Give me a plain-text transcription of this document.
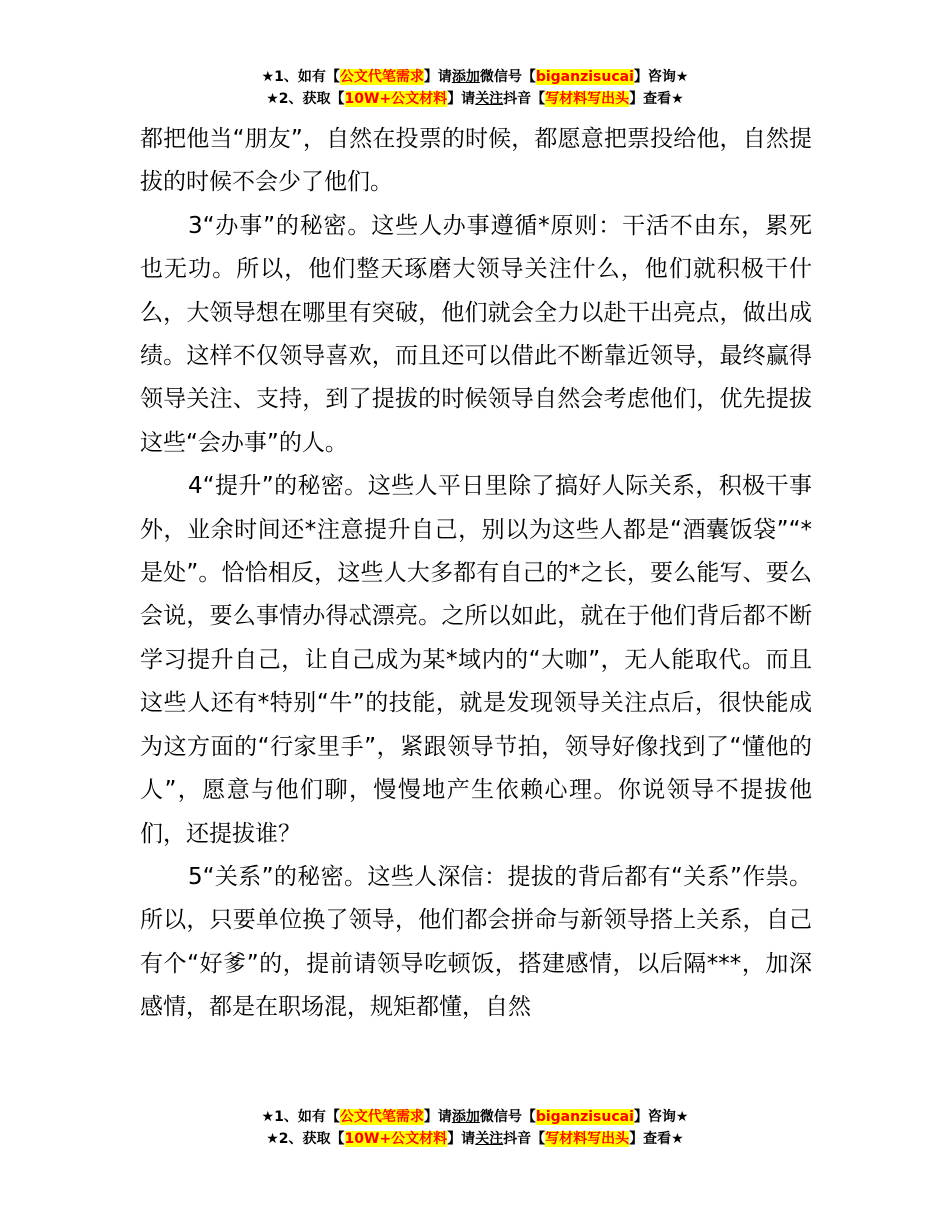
★1、如有【公文代笔需求】请添加微信号【biganzisucai】咨询★
★2、获取【10W+公文材料】请关注抖音【写材料写出头】查看★

都把他当“朋友”，自然在投票的时候，都愿意把票投给他，自然提拔的时候不会少了他们。

3“办事”的秘密。这些人办事遵循*原则：干活不由东，累死也无功。所以，他们整天琢磨大领导关注什么，他们就积极干什么，大领导想在哪里有突破，他们就会全力以赴干出亮点，做出成绩。这样不仅领导喜欢，而且还可以借此不断靠近领导，最终赢得领导关注、支持，到了提拔的时候领导自然会考虑他们，优先提拔这些“会办事”的人。

4“提升”的秘密。这些人平日里除了搞好人际关系，积极干事外，业余时间还*注意提升自己，别以为这些人都是“酒囊饭袋”“*是处”。恰恰相反，这些人大多都有自己的*之长，要么能写、要么会说，要么事情办得忒漂亮。之所以如此，就在于他们背后都不断学习提升自己，让自己成为某*域内的“大咖”，无人能取代。而且这些人还有*特别“牛”的技能，就是发现领导关注点后，很快能成为这方面的“行家里手”，紧跟领导节拍，领导好像找到了“懂他的人”，愿意与他们聊，慢慢地产生依赖心理。你说领导不提拔他们，还提拔谁？

5“关系”的秘密。这些人深信：提拔的背后都有“关系”作祟。所以，只要单位换了领导，他们都会拼命与新领导搭上关系，自己有个“好爹”的，提前请领导吃顿饭，搭建感情，以后隔***，加深感情，都是在职场混，规矩都懂，自然

★1、如有【公文代笔需求】请添加微信号【biganzisucai】咨询★
★2、获取【10W+公文材料】请关注抖音【写材料写出头】查看★
